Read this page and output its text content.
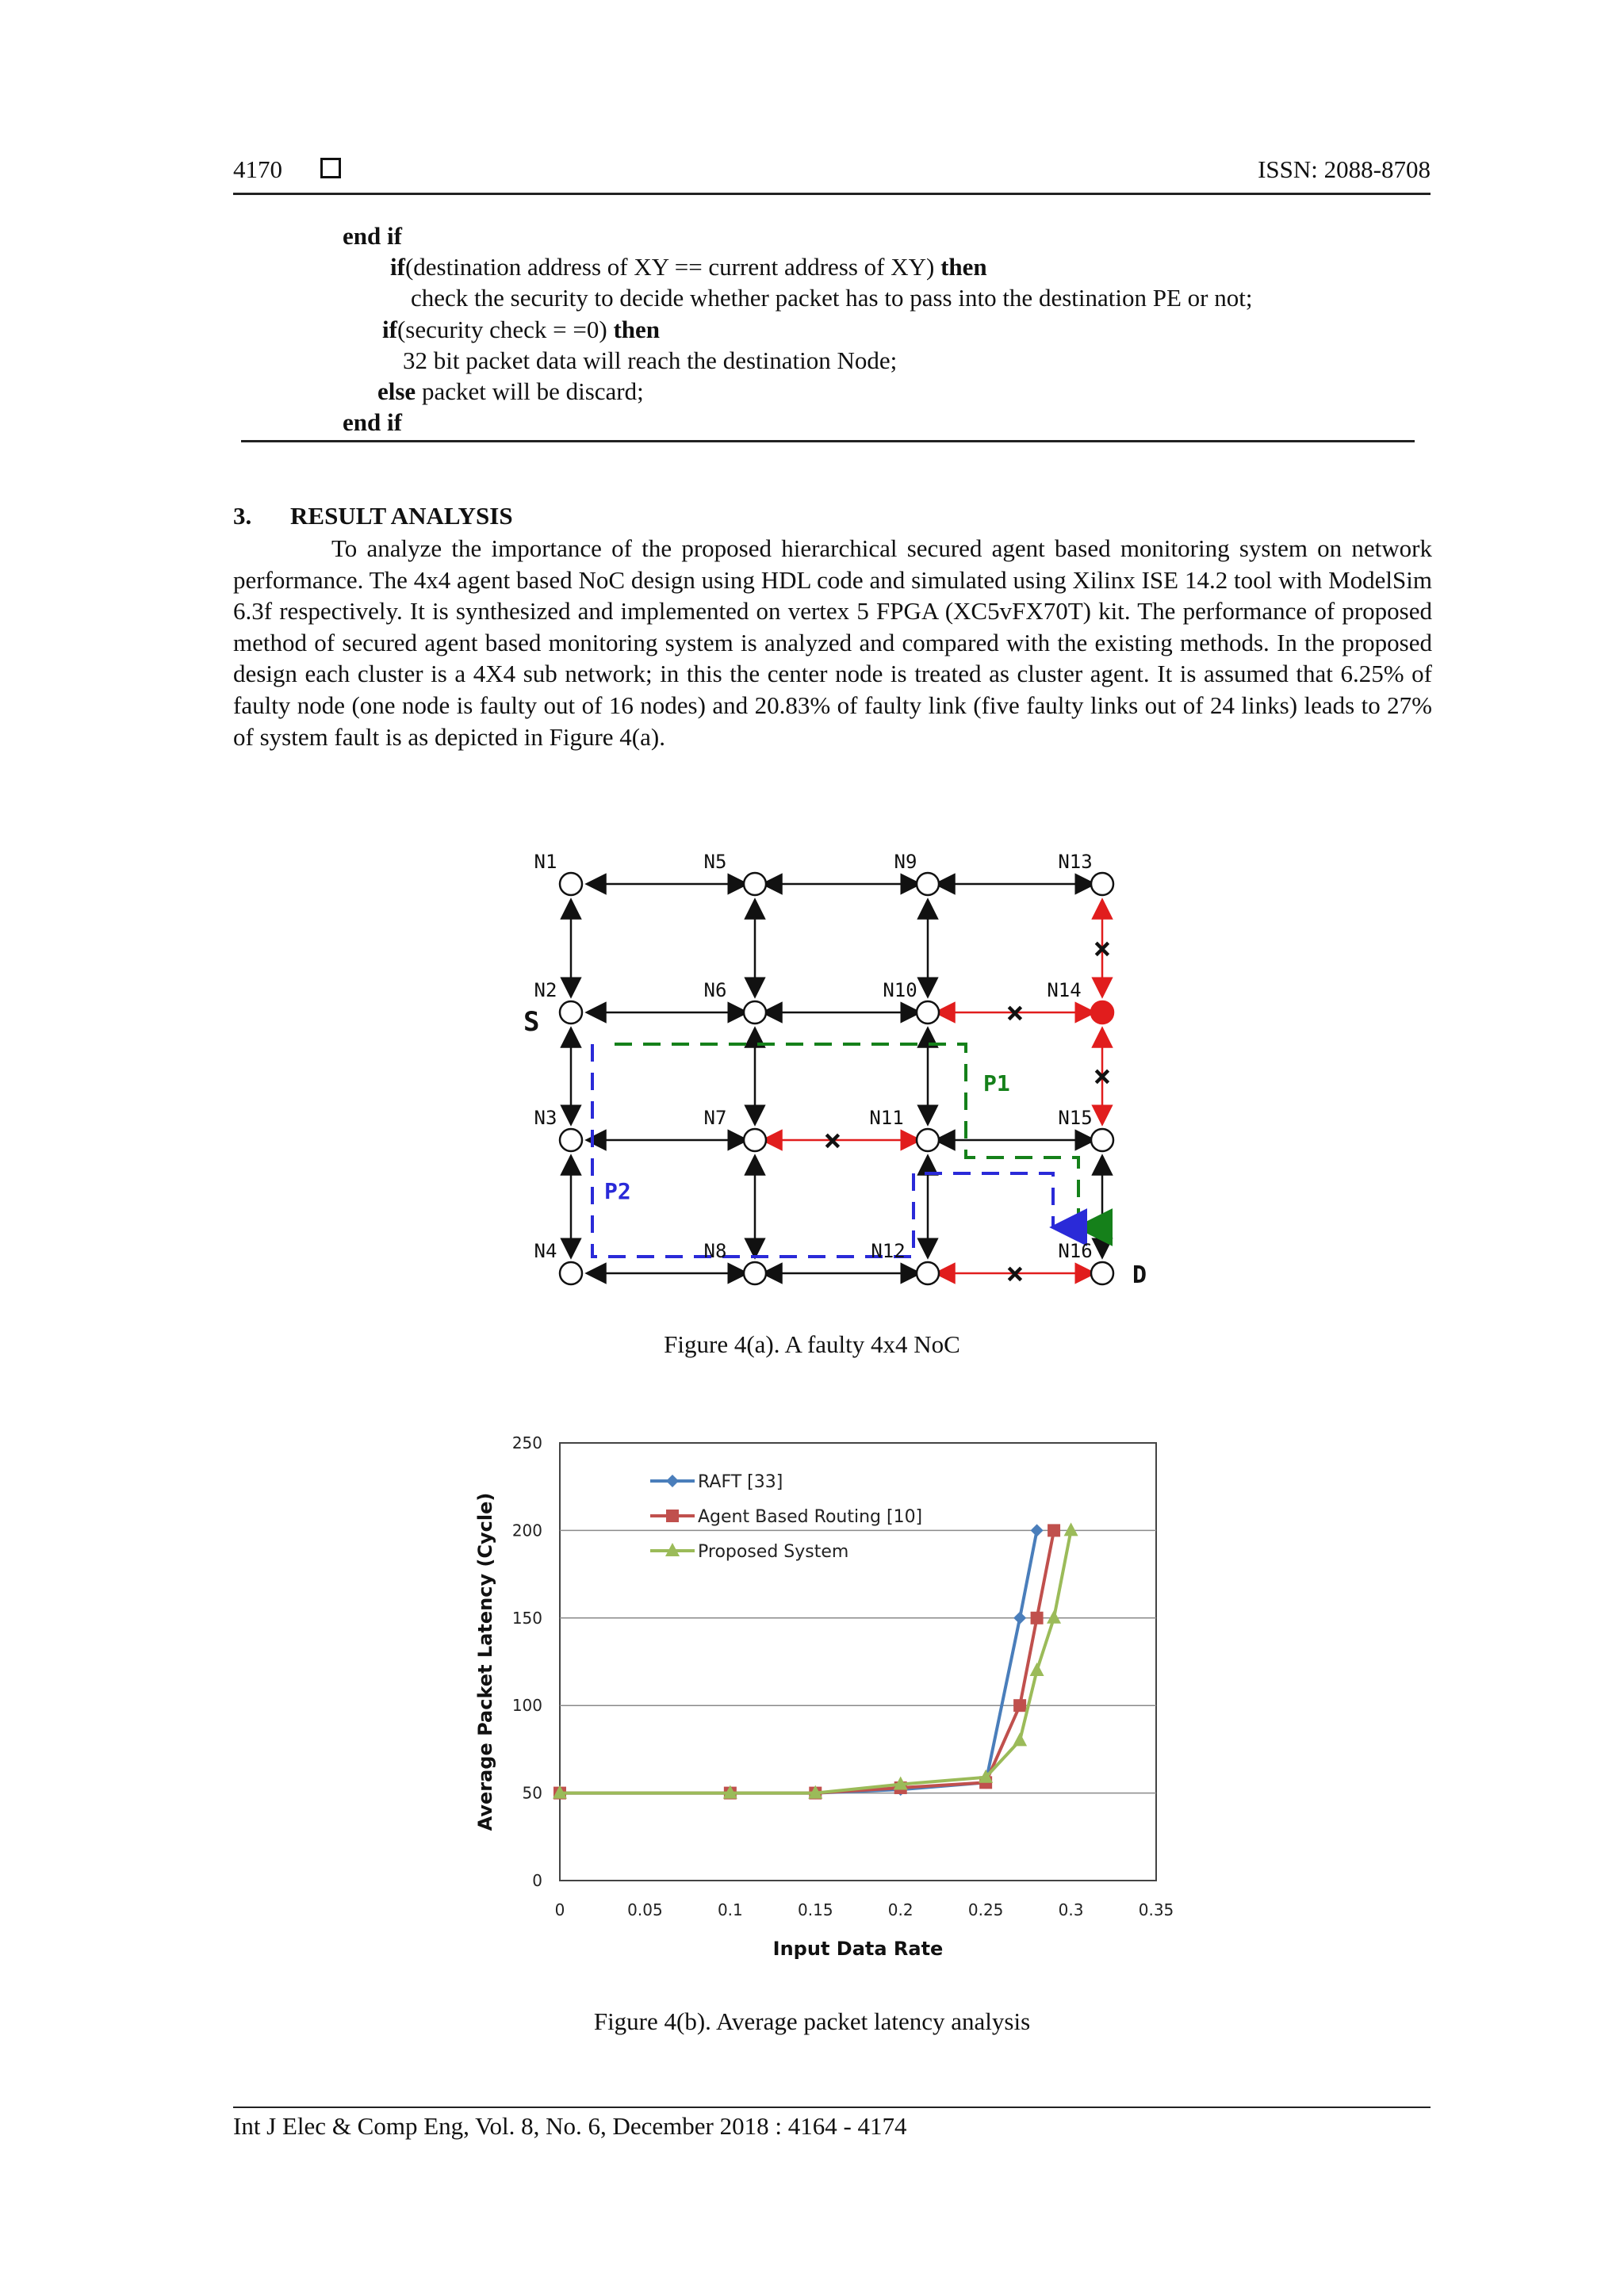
4170	ISSN: 2088-8708
end if
if(destination address of XY == current address of XY) then
check the security to decide whether packet has to pass into the destination PE or not;
if(security check = =0) then
32 bit packet data will reach the destination Node;
else packet will be discard;
end if
3. RESULT ANALYSIS
To analyze the importance of the proposed hierarchical secured agent based monitoring system on network performance. The 4x4 agent based NoC design using HDL code and simulated using Xilinx ISE 14.2 tool with ModelSim 6.3f respectively. It is synthesized and implemented on vertex 5 FPGA (XC5vFX70T) kit. The performance of proposed method of secured agent based monitoring system is analyzed and compared with the existing methods. In the proposed design each cluster is a 4X4 sub network; in this the center node is treated as cluster agent. It is assumed that 6.25% of faulty node (one node is faulty out of 16 nodes) and 20.83% of faulty link (five faulty links out of 24 links) leads to 27% of system fault is as depicted in Figure 4(a).
×
×
×
×
×
N1
N2
N3
N4
N5
N6
N7
N8
N9
N10
N11
N12
N13
N14
N15
N16
S
D
P1
P2
Figure 4(a). A faulty 4x4 NoC
0
50
100
150
200
250
0	0.05	0.1	0.15	0.2	0.25	0.3	0.35
RAFT [33]
Agent Based Routing [10]
Proposed System
Input Data Rate
Average Packet Latency (Cycle)
Figure 4(b). Average packet latency analysis
Int J Elec & Comp Eng, Vol. 8, No. 6, December 2018 : 4164 - 4174
